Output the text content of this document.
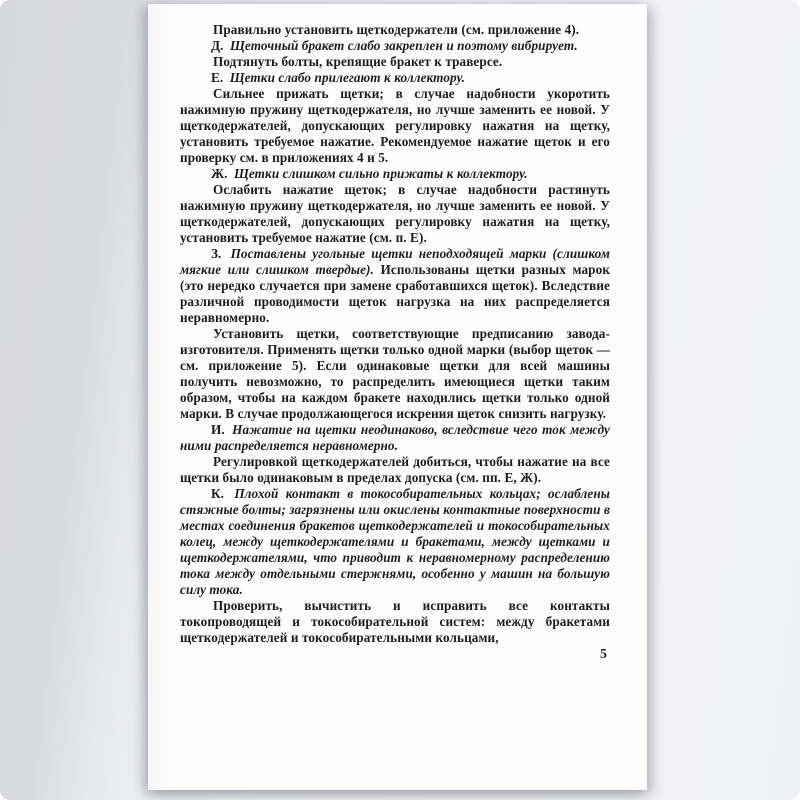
Правильно установить щеткодержатели (см. приложение 4).

Д. Щеточный бракет слабо закреплен и поэтому вибрирует.

Подтянуть болты, крепящие бракет к траверсе.

Е. Щетки слабо прилегают к коллектору.

Сильнее прижать щетки; в случае надобности укоротить нажимную пружину щеткодержателя, но лучше заменить ее новой. У щеткодержателей, допускающих регулировку нажатия на щетку, установить требуемое нажатие. Рекомендуемое нажатие щеток и его проверку см. в приложениях 4 и 5.

Ж. Щетки слишком сильно прижаты к коллектору.

Ослабить нажатие щеток; в случае надобности растянуть нажимную пружину щеткодержателя, но лучше заменить ее новой. У щеткодержателей, допускающих регулировку нажатия на щетку, установить требуемое нажатие (см. п. Е).

З. Поставлены угольные щетки неподходящей марки (слишком мягкие или слишком твердые). Использованы щетки разных марок (это нередко случается при замене сработавшихся щеток). Вследствие различной проводимости щеток нагрузка на них распределяется неравномерно.

Установить щетки, соответствующие предписанию завода-изготовителя. Применять щетки только одной марки (выбор щеток — см. приложение 5). Если одинаковые щетки для всей машины получить невозможно, то распределить имеющиеся щетки таким образом, чтобы на каждом бракете находились щетки только одной марки. В случае продолжающегося искрения щеток снизить нагрузку.

И. Нажатие на щетки неодинаково, вследствие чего ток между ними распределяется неравномерно.

Регулировкой щеткодержателей добиться, чтобы нажатие на все щетки было одинаковым в пределах допуска (см. пп. Е, Ж).

К. Плохой контакт в токособирательных кольцах; ослаблены стяжные болты; загрязнены или окислены контактные поверхности в местах соединения бракетов щеткодержателей и токособирательных колец, между щеткодержателями и бракетами, между щетками и щеткодержателями, что приводит к неравномерному распределению тока между отдельными стержнями, особенно у машин на большую силу тока.

Проверить, вычистить и исправить все контакты токопроводящей и токособирательной систем: между бракетами щеткодержателей и токособирательными кольцами,

5
